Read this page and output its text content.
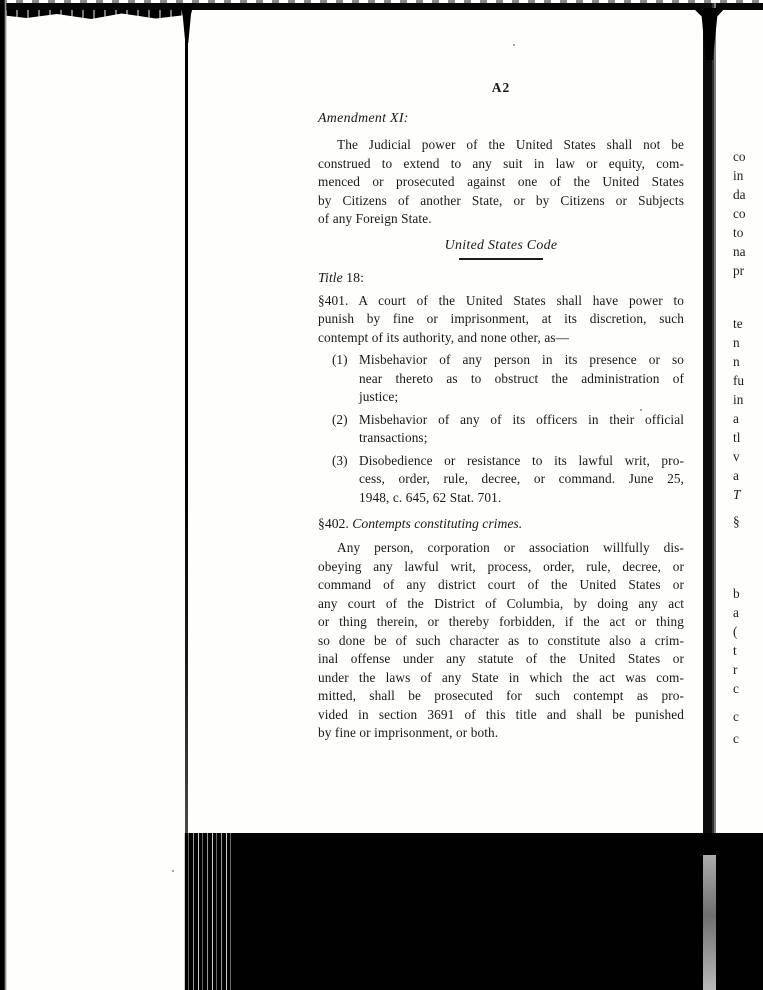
A2
Amendment XI:
The Judicial power of the United States shall not be
construed to extend to any suit in law or equity, com-
menced or prosecuted against one of the United States
by Citizens of another State, or by Citizens or Subjects
of any Foreign State.
United States Code
Title 18:
§401. A court of the United States shall have power to
punish by fine or imprisonment, at its discretion, such
contempt of its authority, and none other, as—
(1) Misbehavior of any person in its presence or so
near thereto as to obstruct the administration of
justice;
(2) Misbehavior of any of its officers in their official
transactions;
(3) Disobedience or resistance to its lawful writ, pro-
cess, order, rule, decree, or command. June 25,
1948, c. 645, 62 Stat. 701.
§402. Contempts constituting crimes.
Any person, corporation or association willfully dis-
obeying any lawful writ, process, order, rule, decree, or
command of any district court of the United States or
any court of the District of Columbia, by doing any act
or thing therein, or thereby forbidden, if the act or thing
so done be of such character as to constitute also a crim-
inal offense under any statute of the United States or
under the laws of any State in which the act was com-
mitted, shall be prosecuted for such contempt as pro-
vided in section 3691 of this title and shall be punished
by fine or imprisonment, or both.
co
in
da
co
to
na
pr
te
n
n
fu
in
a
tl
v
a
T
§
b
a
(
t
r
c
c
c
